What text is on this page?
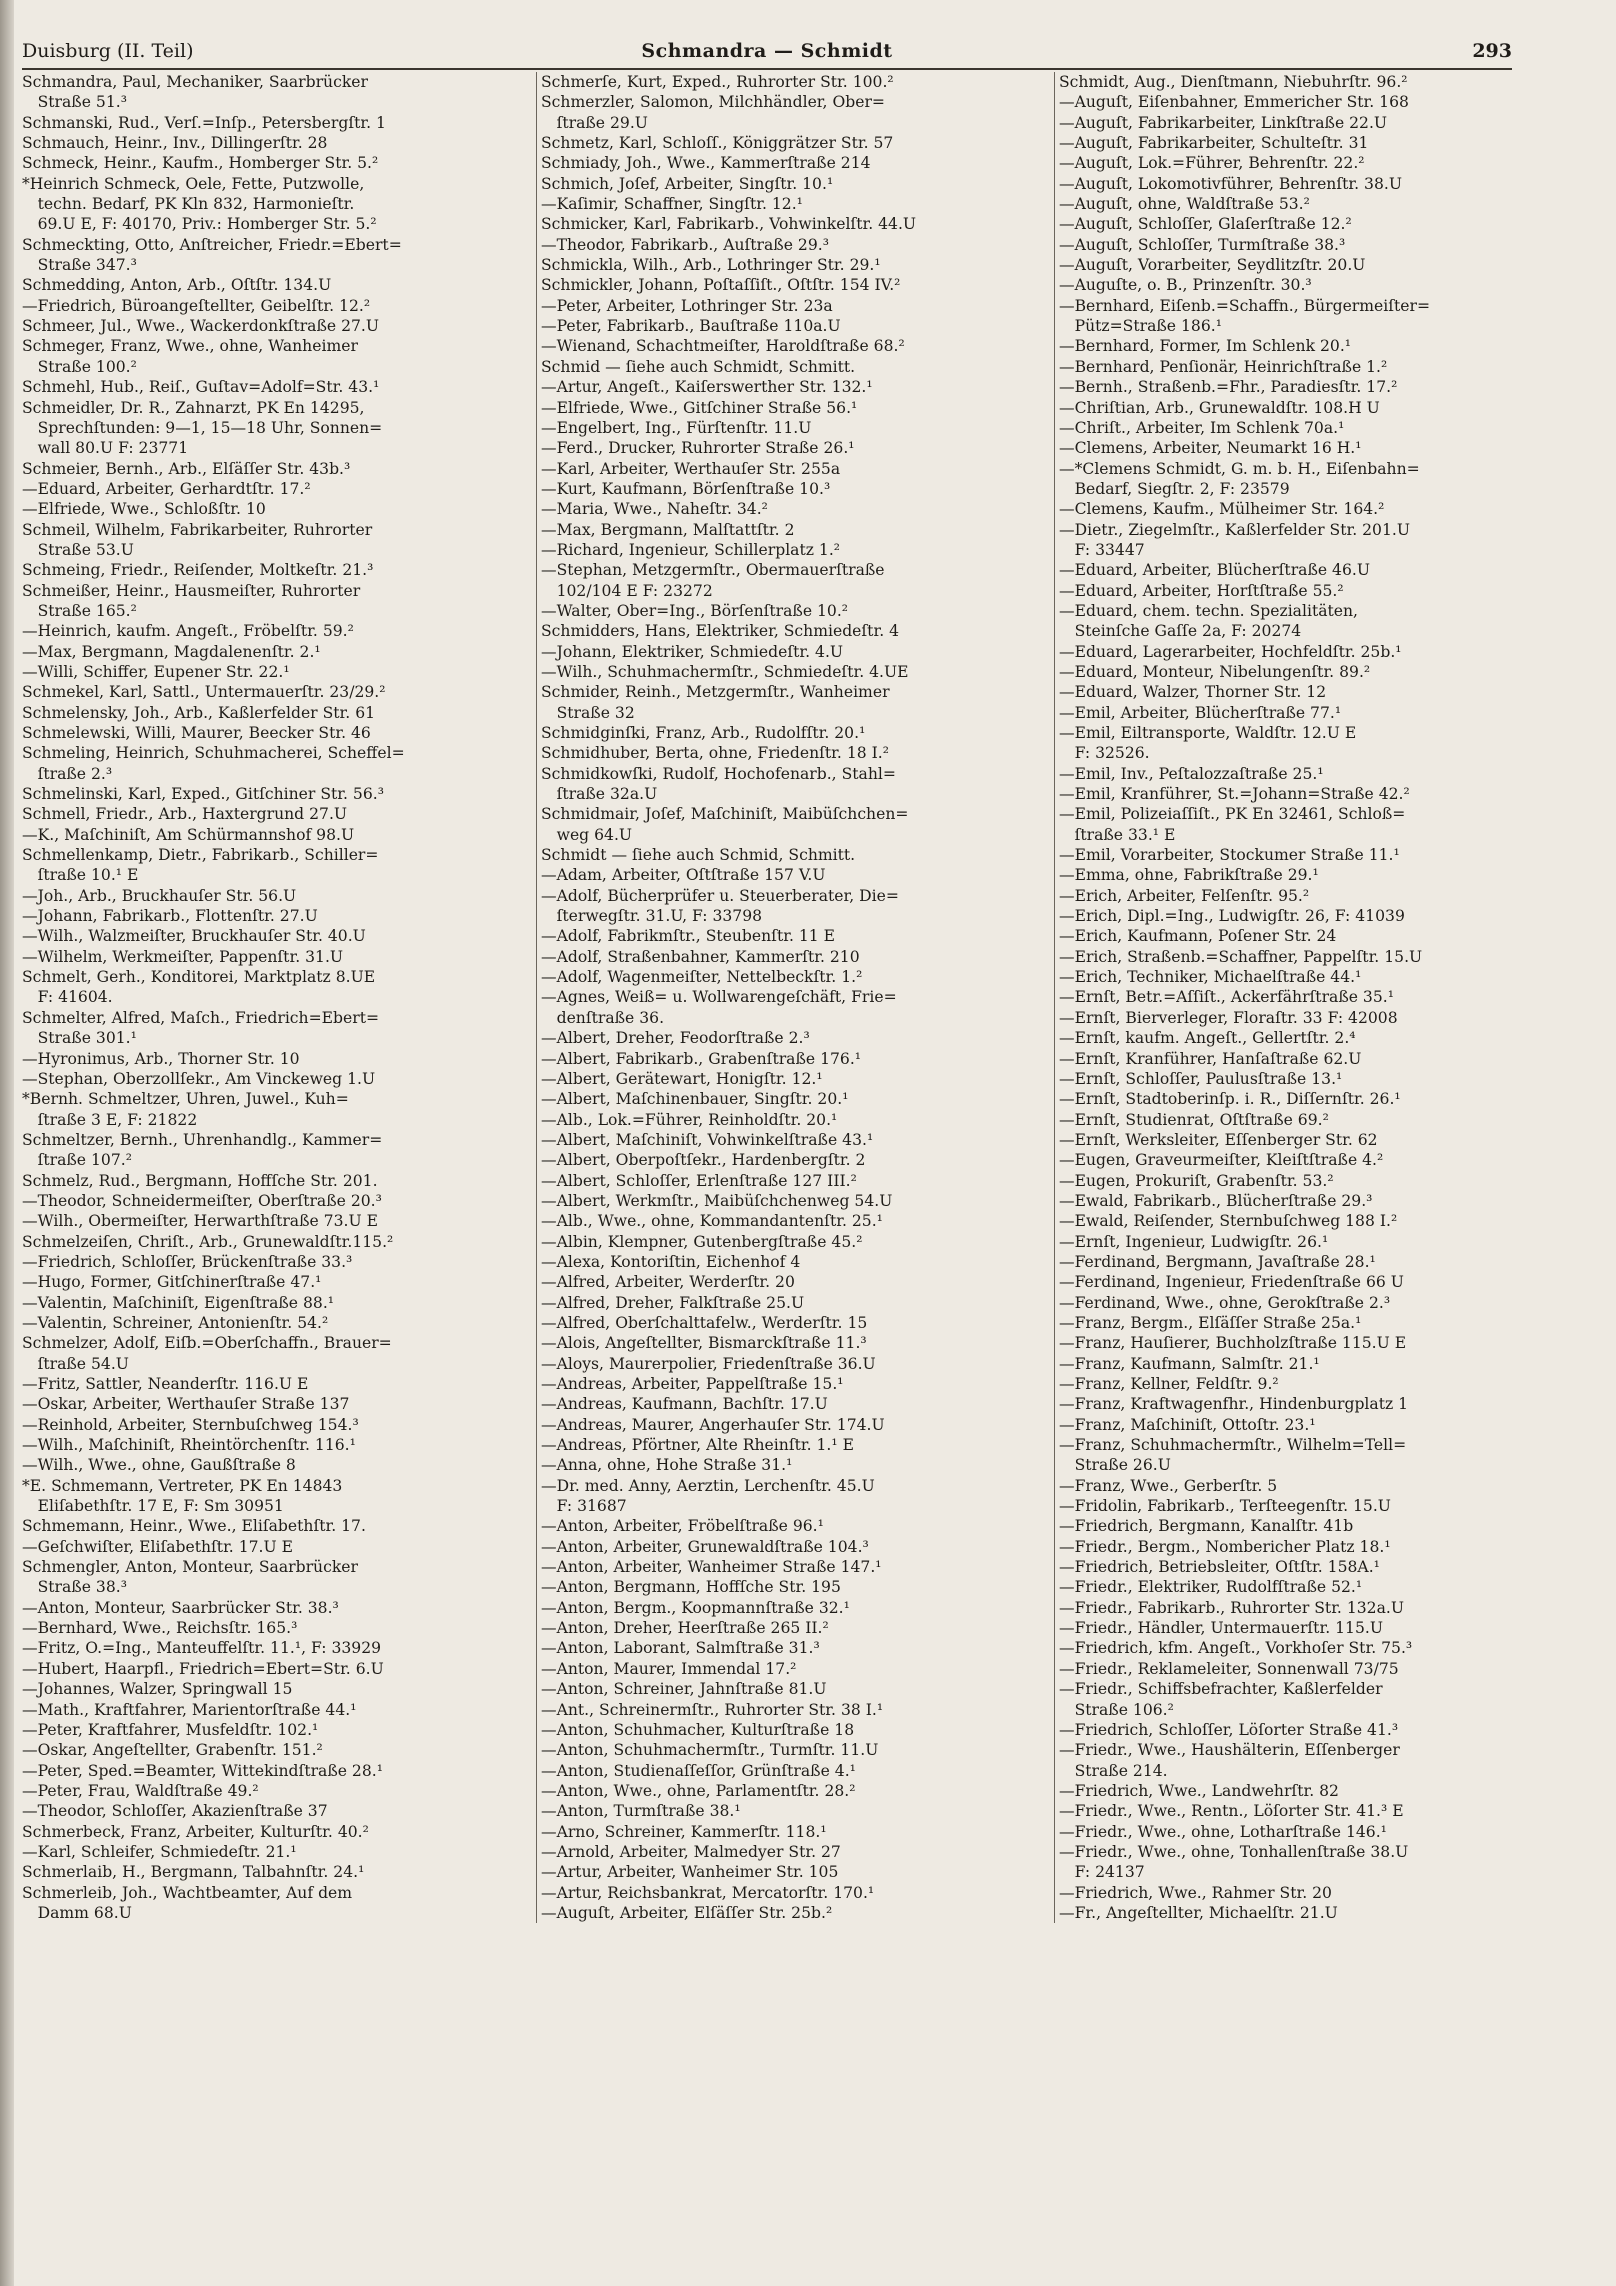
Duisburg (II. Teil)	Schmandra — Schmidt	293
Schmandra, Paul, Mechaniker, Saarbrücker
 Straße 51.³
Schmanski, Rud., Verſ.=Inſp., Petersbergſtr. 1
Schmauch, Heinr., Inv., Dillingerſtr. 28
Schmeck, Heinr., Kaufm., Homberger Str. 5.²
*Heinrich Schmeck, Oele, Fette, Putzwolle,
 techn. Bedarf, PK Kln 832, Harmonieſtr.
 69.U E, F: 40170, Priv.: Homberger Str. 5.²
Schmeckting, Otto, Anſtreicher, Friedr.=Ebert=
 Straße 347.³
Schmedding, Anton, Arb., Oſtſtr. 134.U
—Friedrich, Büroangeſtellter, Geibelſtr. 12.²
Schmeer, Jul., Wwe., Wackerdonkſtraße 27.U
Schmeger, Franz, Wwe., ohne, Wanheimer
 Straße 100.²
Schmehl, Hub., Reiſ., Guſtav=Adolf=Str. 43.¹
Schmeidler, Dr. R., Zahnarzt, PK En 14295,
 Sprechſtunden: 9—1, 15—18 Uhr, Sonnen=
 wall 80.U F: 23771
Schmeier, Bernh., Arb., Elſäſſer Str. 43b.³
—Eduard, Arbeiter, Gerhardtſtr. 17.²
—Elfriede, Wwe., Schloßſtr. 10
Schmeil, Wilhelm, Fabrikarbeiter, Ruhrorter
 Straße 53.U
Schmeing, Friedr., Reiſender, Moltkeſtr. 21.³
Schmeißer, Heinr., Hausmeiſter, Ruhrorter
 Straße 165.²
—Heinrich, kaufm. Angeſt., Fröbelſtr. 59.²
—Max, Bergmann, Magdalenenſtr. 2.¹
—Willi, Schiffer, Eupener Str. 22.¹
Schmekel, Karl, Sattl., Untermauerſtr. 23/29.²
Schmelensky, Joh., Arb., Kaßlerfelder Str. 61
Schmelewski, Willi, Maurer, Beecker Str. 46
Schmeling, Heinrich, Schuhmacherei, Scheffel=
 ſtraße 2.³
Schmelinski, Karl, Exped., Gitſchiner Str. 56.³
Schmell, Friedr., Arb., Haxtergrund 27.U
—K., Maſchiniſt, Am Schürmannshof 98.U
Schmellenkamp, Dietr., Fabrikarb., Schiller=
 ſtraße 10.¹ E
—Joh., Arb., Bruckhauſer Str. 56.U
—Johann, Fabrikarb., Flottenſtr. 27.U
—Wilh., Walzmeiſter, Bruckhauſer Str. 40.U
—Wilhelm, Werkmeiſter, Pappenſtr. 31.U
Schmelt, Gerh., Konditorei, Marktplatz 8.UE
 F: 41604.
Schmelter, Alfred, Maſch., Friedrich=Ebert=
 Straße 301.¹
—Hyronimus, Arb., Thorner Str. 10
—Stephan, Oberzollſekr., Am Vinckeweg 1.U
*Bernh. Schmeltzer, Uhren, Juwel., Kuh=
 ſtraße 3 E, F: 21822
Schmeltzer, Bernh., Uhrenhandlg., Kammer=
 ſtraße 107.²
Schmelz, Rud., Bergmann, Hoffſche Str. 201.
—Theodor, Schneidermeiſter, Oberſtraße 20.³
—Wilh., Obermeiſter, Herwarthſtraße 73.U E
Schmelzeiſen, Chriſt., Arb., Grunewaldſtr.115.²
—Friedrich, Schloſſer, Brückenſtraße 33.³
—Hugo, Former, Gitſchinerſtraße 47.¹
—Valentin, Maſchiniſt, Eigenſtraße 88.¹
—Valentin, Schreiner, Antonienſtr. 54.²
Schmelzer, Adolf, Eiſb.=Oberſchaffn., Brauer=
 ſtraße 54.U
—Fritz, Sattler, Neanderſtr. 116.U E
—Oskar, Arbeiter, Werthauſer Straße 137
—Reinhold, Arbeiter, Sternbuſchweg 154.³
—Wilh., Maſchiniſt, Rheintörchenſtr. 116.¹
—Wilh., Wwe., ohne, Gaußſtraße 8
*E. Schmemann, Vertreter, PK En 14843
 Eliſabethſtr. 17 E, F: Sm 30951
Schmemann, Heinr., Wwe., Eliſabethſtr. 17.
—Geſchwiſter, Eliſabethſtr. 17.U E
Schmengler, Anton, Monteur, Saarbrücker
 Straße 38.³
—Anton, Monteur, Saarbrücker Str. 38.³
—Bernhard, Wwe., Reichsſtr. 165.³
—Fritz, O.=Ing., Manteuffelſtr. 11.¹, F: 33929
—Hubert, Haarpfl., Friedrich=Ebert=Str. 6.U
—Johannes, Walzer, Springwall 15
—Math., Kraftfahrer, Marientorſtraße 44.¹
—Peter, Kraftfahrer, Musfeldſtr. 102.¹
—Oskar, Angeſtellter, Grabenſtr. 151.²
—Peter, Sped.=Beamter, Wittekindſtraße 28.¹
—Peter, Frau, Waldſtraße 49.²
—Theodor, Schloſſer, Akazienſtraße 37
Schmerbeck, Franz, Arbeiter, Kulturſtr. 40.²
—Karl, Schleifer, Schmiedeſtr. 21.¹
Schmerlaib, H., Bergmann, Talbahnſtr. 24.¹
Schmerleib, Joh., Wachtbeamter, Auf dem
 Damm 68.U
Schmerſe, Kurt, Exped., Ruhrorter Str. 100.²
Schmerzler, Salomon, Milchhändler, Ober=
 ſtraße 29.U
Schmetz, Karl, Schloſſ., Königgrätzer Str. 57
Schmiady, Joh., Wwe., Kammerſtraße 214
Schmich, Joſef, Arbeiter, Singſtr. 10.¹
—Kaſimir, Schaffner, Singſtr. 12.¹
Schmicker, Karl, Fabrikarb., Vohwinkelſtr. 44.U
—Theodor, Fabrikarb., Auſtraße 29.³
Schmickla, Wilh., Arb., Lothringer Str. 29.¹
Schmickler, Johann, Poſtaſſiſt., Oſtſtr. 154 IV.²
—Peter, Arbeiter, Lothringer Str. 23a
—Peter, Fabrikarb., Bauſtraße 110a.U
—Wienand, Schachtmeiſter, Haroldſtraße 68.²
Schmid — ſiehe auch Schmidt, Schmitt.
—Artur, Angeſt., Kaiſerswerther Str. 132.¹
—Elfriede, Wwe., Gitſchiner Straße 56.¹
—Engelbert, Ing., Fürſtenſtr. 11.U
—Ferd., Drucker, Ruhrorter Straße 26.¹
—Karl, Arbeiter, Werthauſer Str. 255a
—Kurt, Kaufmann, Börſenſtraße 10.³
—Maria, Wwe., Naheſtr. 34.²
—Max, Bergmann, Malſtattſtr. 2
—Richard, Ingenieur, Schillerplatz 1.²
—Stephan, Metzgermſtr., Obermauerſtraße
 102/104 E F: 23272
—Walter, Ober=Ing., Börſenſtraße 10.²
Schmidders, Hans, Elektriker, Schmiedeſtr. 4
—Johann, Elektriker, Schmiedeſtr. 4.U
—Wilh., Schuhmachermſtr., Schmiedeſtr. 4.UE
Schmider, Reinh., Metzgermſtr., Wanheimer
 Straße 32
Schmidginſki, Franz, Arb., Rudolfſtr. 20.¹
Schmidhuber, Berta, ohne, Friedenſtr. 18 I.²
Schmidkowſki, Rudolf, Hochofenarb., Stahl=
 ſtraße 32a.U
Schmidmair, Joſef, Maſchiniſt, Maibüſchchen=
 weg 64.U
Schmidt — ſiehe auch Schmid, Schmitt.
—Adam, Arbeiter, Oſtſtraße 157 V.U
—Adolf, Bücherprüfer u. Steuerberater, Die=
 ſterwegſtr. 31.U, F: 33798
—Adolf, Fabrikmſtr., Steubenſtr. 11 E
—Adolf, Straßenbahner, Kammerſtr. 210
—Adolf, Wagenmeiſter, Nettelbeckſtr. 1.²
—Agnes, Weiß= u. Wollwarengeſchäft, Frie=
 denſtraße 36.
—Albert, Dreher, Feodorſtraße 2.³
—Albert, Fabrikarb., Grabenſtraße 176.¹
—Albert, Gerätewart, Honigſtr. 12.¹
—Albert, Maſchinenbauer, Singſtr. 20.¹
—Alb., Lok.=Führer, Reinholdſtr. 20.¹
—Albert, Maſchiniſt, Vohwinkelſtraße 43.¹
—Albert, Oberpoſtſekr., Hardenbergſtr. 2
—Albert, Schloſſer, Erlenſtraße 127 III.²
—Albert, Werkmſtr., Maibüſchchenweg 54.U
—Alb., Wwe., ohne, Kommandantenſtr. 25.¹
—Albin, Klempner, Gutenbergſtraße 45.²
—Alexa, Kontoriſtin, Eichenhof 4
—Alfred, Arbeiter, Werderſtr. 20
—Alfred, Dreher, Falkſtraße 25.U
—Alfred, Oberſchalttafelw., Werderſtr. 15
—Alois, Angeſtellter, Bismarckſtraße 11.³
—Aloys, Maurerpolier, Friedenſtraße 36.U
—Andreas, Arbeiter, Pappelſtraße 15.¹
—Andreas, Kaufmann, Bachſtr. 17.U
—Andreas, Maurer, Angerhauſer Str. 174.U
—Andreas, Pförtner, Alte Rheinſtr. 1.¹ E
—Anna, ohne, Hohe Straße 31.¹
—Dr. med. Anny, Aerztin, Lerchenſtr. 45.U
 F: 31687
—Anton, Arbeiter, Fröbelſtraße 96.¹
—Anton, Arbeiter, Grunewaldſtraße 104.³
—Anton, Arbeiter, Wanheimer Straße 147.¹
—Anton, Bergmann, Hoffſche Str. 195
—Anton, Bergm., Koopmannſtraße 32.¹
—Anton, Dreher, Heerſtraße 265 II.²
—Anton, Laborant, Salmſtraße 31.³
—Anton, Maurer, Immendal 17.²
—Anton, Schreiner, Jahnſtraße 81.U
—Ant., Schreinermſtr., Ruhrorter Str. 38 I.¹
—Anton, Schuhmacher, Kulturſtraße 18
—Anton, Schuhmachermſtr., Turmſtr. 11.U
—Anton, Studienaſſeſſor, Grünſtraße 4.¹
—Anton, Wwe., ohne, Parlamentſtr. 28.²
—Anton, Turmſtraße 38.¹
—Arno, Schreiner, Kammerſtr. 118.¹
—Arnold, Arbeiter, Malmedyer Str. 27
—Artur, Arbeiter, Wanheimer Str. 105
—Artur, Reichsbankrat, Mercatorſtr. 170.¹
—Auguſt, Arbeiter, Elſäſſer Str. 25b.²
Schmidt, Aug., Dienſtmann, Niebuhrſtr. 96.²
—Auguſt, Eiſenbahner, Emmericher Str. 168
—Auguſt, Fabrikarbeiter, Linkſtraße 22.U
—Auguſt, Fabrikarbeiter, Schulteſtr. 31
—Auguſt, Lok.=Führer, Behrenſtr. 22.²
—Auguſt, Lokomotivführer, Behrenſtr. 38.U
—Auguſt, ohne, Waldſtraße 53.²
—Auguſt, Schloſſer, Glaſerſtraße 12.²
—Auguſt, Schloſſer, Turmſtraße 38.³
—Auguſt, Vorarbeiter, Seydlitzſtr. 20.U
—Auguſte, o. B., Prinzenſtr. 30.³
—Bernhard, Eiſenb.=Schaffn., Bürgermeiſter=
 Pütz=Straße 186.¹
—Bernhard, Former, Im Schlenk 20.¹
—Bernhard, Penſionär, Heinrichſtraße 1.²
—Bernh., Straßenb.=Fhr., Paradiesſtr. 17.²
—Chriſtian, Arb., Grunewaldſtr. 108.H U
—Chriſt., Arbeiter, Im Schlenk 70a.¹
—Clemens, Arbeiter, Neumarkt 16 H.¹
—*Clemens Schmidt, G. m. b. H., Eiſenbahn=
 Bedarf, Siegſtr. 2, F: 23579
—Clemens, Kaufm., Mülheimer Str. 164.²
—Dietr., Ziegelmſtr., Kaßlerfelder Str. 201.U
 F: 33447
—Eduard, Arbeiter, Blücherſtraße 46.U
—Eduard, Arbeiter, Horſtſtraße 55.²
—Eduard, chem. techn. Spezialitäten,
 Steinſche Gaſſe 2a, F: 20274
—Eduard, Lagerarbeiter, Hochfeldſtr. 25b.¹
—Eduard, Monteur, Nibelungenſtr. 89.²
—Eduard, Walzer, Thorner Str. 12
—Emil, Arbeiter, Blücherſtraße 77.¹
—Emil, Eiltransporte, Waldſtr. 12.U E
 F: 32526.
—Emil, Inv., Peſtalozzaſtraße 25.¹
—Emil, Kranführer, St.=Johann=Straße 42.²
—Emil, Polizeiaſſiſt., PK En 32461, Schloß=
 ſtraße 33.¹ E
—Emil, Vorarbeiter, Stockumer Straße 11.¹
—Emma, ohne, Fabrikſtraße 29.¹
—Erich, Arbeiter, Felſenſtr. 95.²
—Erich, Dipl.=Ing., Ludwigſtr. 26, F: 41039
—Erich, Kaufmann, Poſener Str. 24
—Erich, Straßenb.=Schaffner, Pappelſtr. 15.U
—Erich, Techniker, Michaelſtraße 44.¹
—Ernſt, Betr.=Aſſiſt., Ackerfährſtraße 35.¹
—Ernſt, Bierverleger, Floraſtr. 33 F: 42008
—Ernſt, kaufm. Angeſt., Gellertſtr. 2.⁴
—Ernſt, Kranführer, Hanſaſtraße 62.U
—Ernſt, Schloſſer, Paulusſtraße 13.¹
—Ernſt, Stadtoberinſp. i. R., Diſſernſtr. 26.¹
—Ernſt, Studienrat, Oſtſtraße 69.²
—Ernſt, Werksleiter, Eſſenberger Str. 62
—Eugen, Graveurmeiſter, Kleiſtſtraße 4.²
—Eugen, Prokuriſt, Grabenſtr. 53.²
—Ewald, Fabrikarb., Blücherſtraße 29.³
—Ewald, Reiſender, Sternbuſchweg 188 I.²
—Ernſt, Ingenieur, Ludwigſtr. 26.¹
—Ferdinand, Bergmann, Javaſtraße 28.¹
—Ferdinand, Ingenieur, Friedenſtraße 66 U
—Ferdinand, Wwe., ohne, Gerokſtraße 2.³
—Franz, Bergm., Elſäſſer Straße 25a.¹
—Franz, Hauſierer, Buchholzſtraße 115.U E
—Franz, Kaufmann, Salmſtr. 21.¹
—Franz, Kellner, Feldſtr. 9.²
—Franz, Kraftwagenfhr., Hindenburgplatz 1
—Franz, Maſchiniſt, Ottoſtr. 23.¹
—Franz, Schuhmachermſtr., Wilhelm=Tell=
 Straße 26.U
—Franz, Wwe., Gerberſtr. 5
—Fridolin, Fabrikarb., Terſteegenſtr. 15.U
—Friedrich, Bergmann, Kanalſtr. 41b
—Friedr., Bergm., Nombericher Platz 18.¹
—Friedrich, Betriebsleiter, Oſtſtr. 158A.¹
—Friedr., Elektriker, Rudolfſtraße 52.¹
—Friedr., Fabrikarb., Ruhrorter Str. 132a.U
—Friedr., Händler, Untermauerſtr. 115.U
—Friedrich, kfm. Angeſt., Vorkhoſer Str. 75.³
—Friedr., Reklameleiter, Sonnenwall 73/75
—Friedr., Schiffsbefrachter, Kaßlerfelder
 Straße 106.²
—Friedrich, Schloſſer, Löſorter Straße 41.³
—Friedr., Wwe., Haushälterin, Eſſenberger
 Straße 214.
—Friedrich, Wwe., Landwehrſtr. 82
—Friedr., Wwe., Rentn., Löſorter Str. 41.³ E
—Friedr., Wwe., ohne, Lotharſtraße 146.¹
—Friedr., Wwe., ohne, Tonhallenſtraße 38.U
 F: 24137
—Friedrich, Wwe., Rahmer Str. 20
—Fr., Angeſtellter, Michaelſtr. 21.U
